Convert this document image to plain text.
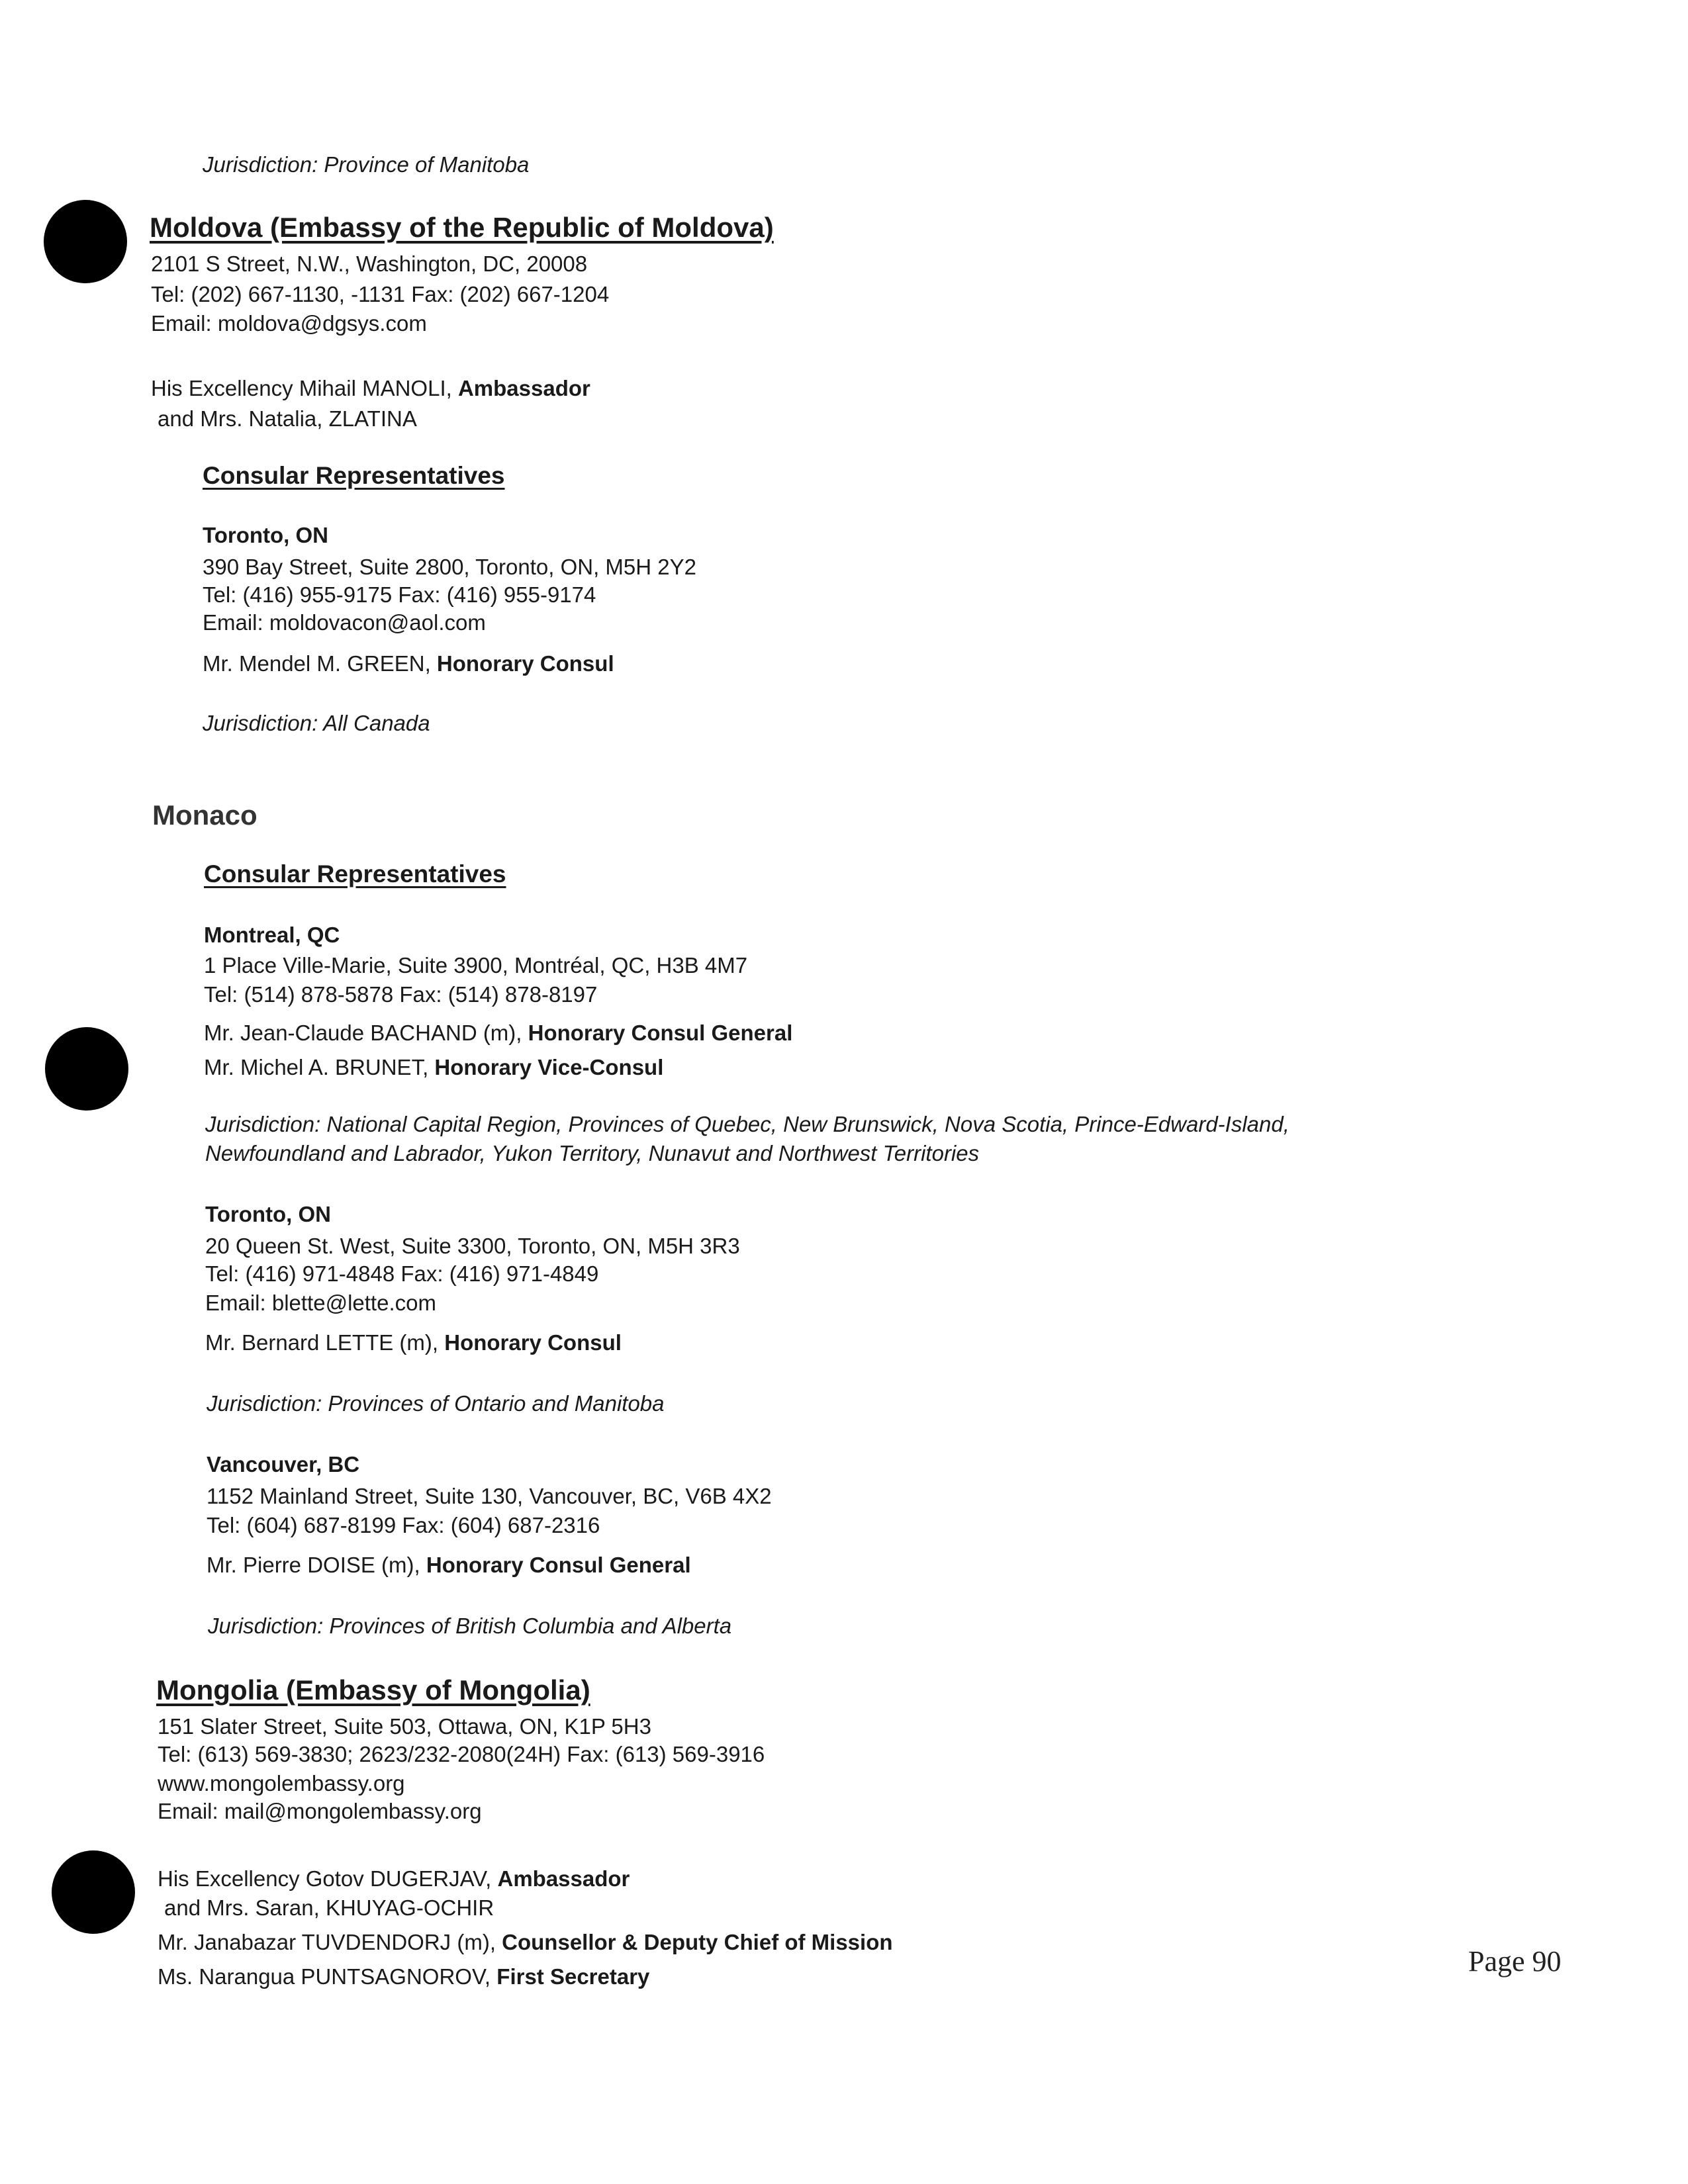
Jurisdiction: Province of Manitoba
Moldova (Embassy of the Republic of Moldova)
2101 S Street, N.W., Washington, DC, 20008
Tel: (202) 667-1130, -1131 Fax: (202) 667-1204
Email: moldova@dgsys.com
His Excellency Mihail MANOLI, Ambassador
and Mrs. Natalia, ZLATINA
Consular Representatives
Toronto, ON
390 Bay Street, Suite 2800, Toronto, ON, M5H 2Y2
Tel: (416) 955-9175 Fax: (416) 955-9174
Email: moldovacon@aol.com
Mr. Mendel M. GREEN, Honorary Consul
Jurisdiction: All Canada
Monaco
Consular Representatives
Montreal, QC
1 Place Ville-Marie, Suite 3900, Montréal, QC, H3B 4M7
Tel: (514) 878-5878 Fax: (514) 878-8197
Mr. Jean-Claude BACHAND (m), Honorary Consul General
Mr. Michel A. BRUNET, Honorary Vice-Consul
Jurisdiction: National Capital Region, Provinces of Quebec, New Brunswick, Nova Scotia, Prince-Edward-Island,
Newfoundland and Labrador, Yukon Territory, Nunavut and Northwest Territories
Toronto, ON
20 Queen St. West, Suite 3300, Toronto, ON, M5H 3R3
Tel: (416) 971-4848 Fax: (416) 971-4849
Email: blette@lette.com
Mr. Bernard LETTE (m), Honorary Consul
Jurisdiction: Provinces of Ontario and Manitoba
Vancouver, BC
1152 Mainland Street, Suite 130, Vancouver, BC, V6B 4X2
Tel: (604) 687-8199 Fax: (604) 687-2316
Mr. Pierre DOISE (m), Honorary Consul General
Jurisdiction: Provinces of British Columbia and Alberta
Mongolia (Embassy of Mongolia)
151 Slater Street, Suite 503, Ottawa, ON, K1P 5H3
Tel: (613) 569-3830; 2623/232-2080(24H) Fax: (613) 569-3916
www.mongolembassy.org
Email: mail@mongolembassy.org
His Excellency Gotov DUGERJAV, Ambassador
and Mrs. Saran, KHUYAG-OCHIR
Mr. Janabazar TUVDENDORJ (m), Counsellor & Deputy Chief of Mission
Ms. Narangua PUNTSAGNOROV, First Secretary	Page 90
